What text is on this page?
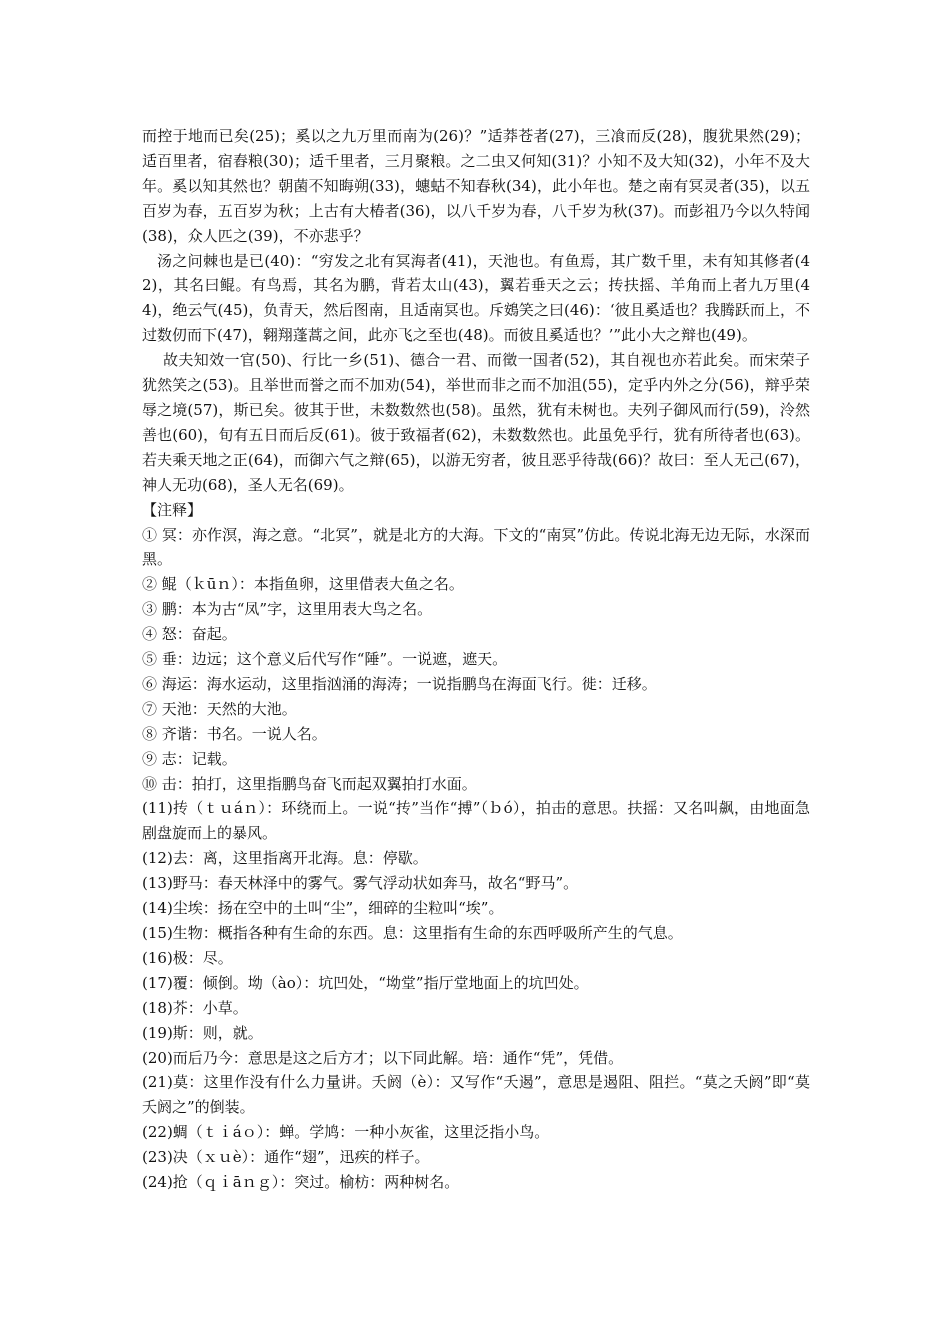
而控于地而已矣(25)；奚以之九万里而南为(26)？”适莽苍者(27)，三飡而反(28)，腹犹果然(29)；适百里者，宿舂粮(30)；适千里者，三月聚粮。之二虫又何知(31)？小知不及大知(32)，小年不及大年。奚以知其然也？朝菌不知晦朔(33)，蟪蛄不知春秋(34)，此小年也。楚之南有冥灵者(35)，以五百岁为春，五百岁为秋；上古有大椿者(36)，以八千岁为春，八千岁为秋(37)。而彭祖乃今以久特闻(38)，众人匹之(39)，不亦悲乎？

汤之问棘也是已(40)：“穷发之北有冥海者(41)，天池也。有鱼焉，其广数千里，未有知其修者(42)，其名曰鲲。有鸟焉，其名为鹏，背若太山(43)，翼若垂天之云；抟扶摇、羊角而上者九万里(44)，绝云气(45)，负青天，然后图南，且适南冥也。斥鴳笑之曰(46)：‘彼且奚适也？我腾跃而上，不过数仞而下(47)，翱翔蓬蒿之间，此亦飞之至也(48)。而彼且奚适也？’”此小大之辩也(49)。

故夫知效一官(50)、行比一乡(51)、德合一君、而徵一国者(52)，其自视也亦若此矣。而宋荣子犹然笑之(53)。且举世而誉之而不加劝(54)，举世而非之而不加沮(55)，定乎内外之分(56)，辩乎荣辱之境(57)，斯已矣。彼其于世，未数数然也(58)。虽然，犹有未树也。夫列子御风而行(59)，泠然善也(60)，旬有五日而后反(61)。彼于致福者(62)，未数数然也。此虽免乎行，犹有所待者也(63)。若夫乘天地之正(64)，而御六气之辩(65)，以游无穷者，彼且恶乎待哉(66)？故曰：至人无己(67)，神人无功(68)，圣人无名(69)。

【注释】

① 冥：亦作溟，海之意。“北冥”，就是北方的大海。下文的“南冥”仿此。传说北海无边无际，水深而黑。

② 鲲（ｋūｎ）：本指鱼卵，这里借表大鱼之名。

③ 鹏：本为古“凤”字，这里用表大鸟之名。

④ 怒：奋起。

⑤ 垂：边远；这个意义后代写作“陲”。一说遮，遮天。

⑥ 海运：海水运动，这里指汹涌的海涛；一说指鹏鸟在海面飞行。徙：迁移。

⑦ 天池：天然的大池。

⑧ 齐谐：书名。一说人名。

⑨ 志：记载。

⑩ 击：拍打，这里指鹏鸟奋飞而起双翼拍打水面。

(11)抟（ｔｕáｎ）：环绕而上。一说“抟”当作“搏”（ｂó），拍击的意思。扶摇：又名叫飙，由地面急剧盘旋而上的暴风。

(12)去：离，这里指离开北海。息：停歇。

(13)野马：春天林泽中的雾气。雾气浮动状如奔马，故名“野马”。

(14)尘埃：扬在空中的土叫“尘”，细碎的尘粒叫“埃”。

(15)生物：概指各种有生命的东西。息：这里指有生命的东西呼吸所产生的气息。

(16)极：尽。

(17)覆：倾倒。坳（ào）：坑凹处，“坳堂”指厅堂地面上的坑凹处。

(18)芥：小草。

(19)斯：则，就。

(20)而后乃今：意思是这之后方才；以下同此解。培：通作“凭”，凭借。

(21)莫：这里作没有什么力量讲。夭阏（è）：又写作“夭遏”，意思是遏阻、阻拦。“莫之夭阏”即“莫夭阏之”的倒装。

(22)蜩（ｔｉáｏ）：蝉。学鸠：一种小灰雀，这里泛指小鸟。

(23)决（ｘｕè）：通作“翅”，迅疾的样子。

(24)抢（ｑｉāｎｇ）：突过。榆枋：两种树名。
